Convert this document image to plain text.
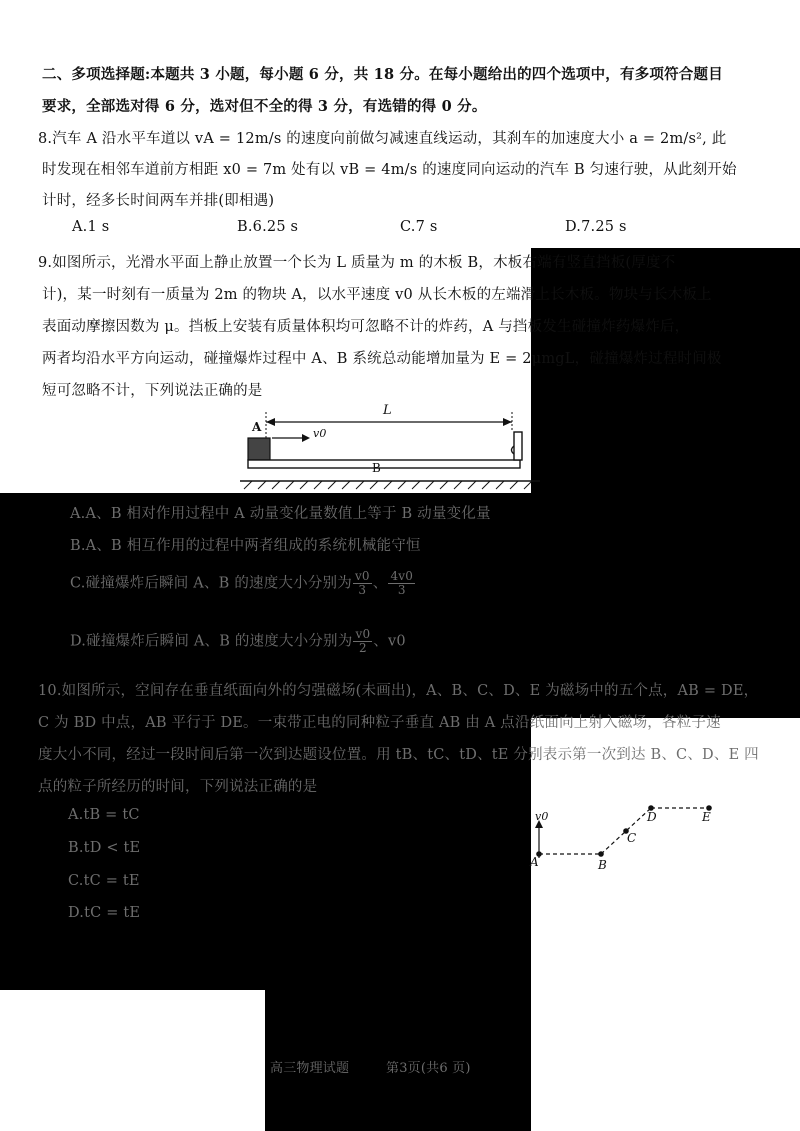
二、多项选择题:本题共 3 小题，每小题 6 分，共 18 分。在每小题给出的四个选项中，有多项符合题目
要求，全部选对得 6 分，选对但不全的得 3 分，有选错的得 0 分。
8.汽车 A 沿水平车道以 vA = 12m/s 的速度向前做匀减速直线运动，其刹车的加速度大小 a = 2m/s², 此
时发现在相邻车道前方相距 x0 = 7m 处有以 vB = 4m/s 的速度同向运动的汽车 B 匀速行驶，从此刻开始
计时，经多长时间两车并排(即相遇)
A.1 s	B.6.25 s	C.7 s	D.7.25 s
9.如图所示，光滑水平面上静止放置一个长为 L 质量为 m 的木板 B，木板右端有竖直挡板(厚度不
计)，某一时刻有一质量为 2m 的物块 A，以水平速度 v0 从长木板的左端滑上长木板。物块与长木板上
表面动摩擦因数为 μ。挡板上安装有质量体积均可忽略不计的炸药，A 与挡板发生碰撞炸药爆炸后，
两者均沿水平方向运动，碰撞爆炸过程中 A、B 系统总动能增加量为 E = 2μmgL，碰撞爆炸过程时间极
短可忽略不计，下列说法正确的是
L
A	v0
B
A.A、B 相对作用过程中 A 动量变化量数值上等于 B 动量变化量
B.A、B 相互作用的过程中两者组成的系统机械能守恒
C.碰撞爆炸后瞬间 A、B 的速度大小分别为 $\frac{v0}{3}$ 、 $\frac{4v0}{3}$
D.碰撞爆炸后瞬间 A、B 的速度大小分别为 $\frac{v0}{2}$ 、v0
10.如图所示，空间存在垂直纸面向外的匀强磁场(未画出)，A、B、C、D、E 为磁场中的五个点，AB = DE，
C 为 BD 中点，AB 平行于 DE。一束带正电的同种粒子垂直 AB 由 A 点沿纸面向上射入磁场，各粒子速
度大小不同，经过一段时间后第一次到达题设位置。用 tB、tC、tD、tE 分别表示第一次到达 B、C、D、E 四
点的粒子所经历的时间，下列说法正确的是
A.tB = tC
B.tD < tE
C.tC = tE
D.tC = tE
v0
A	B
C
D	E
高三物理试题	第3页(共6 页)
